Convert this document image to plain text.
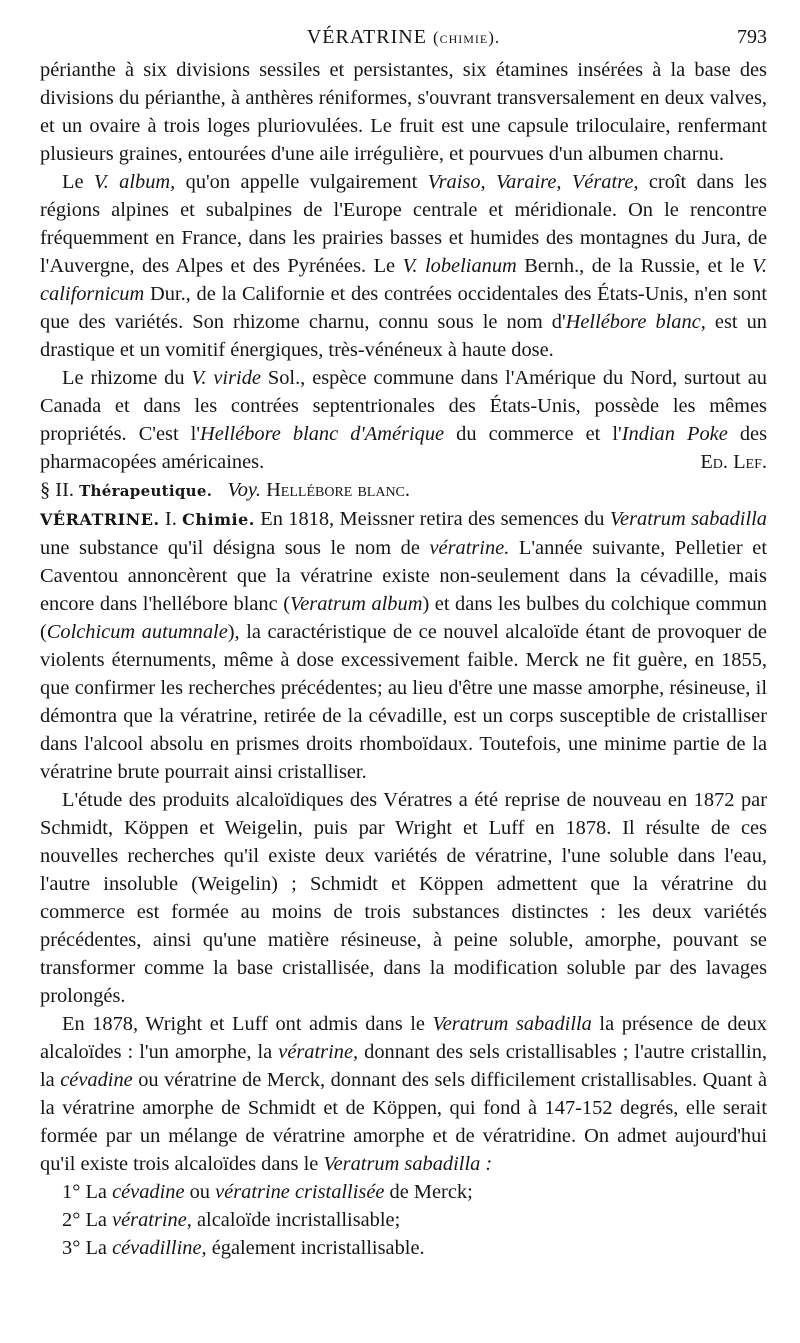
VÉRATRINE (chimie).	793

périanthe à six divisions sessiles et persistantes, six étamines insérées à la base des divisions du périanthe, à anthères réniformes, s'ouvrant transversalement en deux valves, et un ovaire à trois loges pluriovulées. Le fruit est une capsule triloculaire, renfermant plusieurs graines, entourées d'une aile irrégulière, et pourvues d'un albumen charnu.

Le V. album, qu'on appelle vulgairement Vraiso, Varaire, Vératre, croît dans les régions alpines et subalpines de l'Europe centrale et méridionale. On le rencontre fréquemment en France, dans les prairies basses et humides des montagnes du Jura, de l'Auvergne, des Alpes et des Pyrénées. Le V. lobelianum Bernh., de la Russie, et le V. californicum Dur., de la Californie et des contrées occidentales des États-Unis, n'en sont que des variétés. Son rhizome charnu, connu sous le nom d'Hellébore blanc, est un drastique et un vomitif énergiques, très-vénéneux à haute dose.

Le rhizome du V. viride Sol., espèce commune dans l'Amérique du Nord, surtout au Canada et dans les contrées septentrionales des États-Unis, possède les mêmes propriétés. C'est l'Hellébore blanc d'Amérique du commerce et l'Indian Poke des pharmacopées américaines.	Ed. Lef.

§ II. Thérapeutique. Voy. Hellébore blanc.

VÉRATRINE. I. Chimie. En 1818, Meissner retira des semences du Veratrum sabadilla une substance qu'il désigna sous le nom de vératrine. L'année suivante, Pelletier et Caventou annoncèrent que la vératrine existe non-seulement dans la cévadille, mais encore dans l'hellébore blanc (Veratrum album) et dans les bulbes du colchique commun (Colchicum autumnale), la caractéristique de ce nouvel alcaloïde étant de provoquer de violents éternuments, même à dose excessivement faible. Merck ne fit guère, en 1855, que confirmer les recherches précédentes; au lieu d'être une masse amorphe, résineuse, il démontra que la vératrine, retirée de la cévadille, est un corps susceptible de cristalliser dans l'alcool absolu en prismes droits rhomboïdaux. Toutefois, une minime partie de la vératrine brute pourrait ainsi cristalliser.

L'étude des produits alcaloïdiques des Vératres a été reprise de nouveau en 1872 par Schmidt, Köppen et Weigelin, puis par Wright et Luff en 1878. Il résulte de ces nouvelles recherches qu'il existe deux variétés de vératrine, l'une soluble dans l'eau, l'autre insoluble (Weigelin) ; Schmidt et Köppen admettent que la vératrine du commerce est formée au moins de trois substances distinctes : les deux variétés précédentes, ainsi qu'une matière résineuse, à peine soluble, amorphe, pouvant se transformer comme la base cristallisée, dans la modification soluble par des lavages prolongés.

En 1878, Wright et Luff ont admis dans le Veratrum sabadilla la présence de deux alcaloïdes : l'un amorphe, la vératrine, donnant des sels cristallisables ; l'autre cristallin, la cévadine ou vératrine de Merck, donnant des sels difficilement cristallisables. Quant à la vératrine amorphe de Schmidt et de Köppen, qui fond à 147-152 degrés, elle serait formée par un mélange de vératrine amorphe et de vératridine. On admet aujourd'hui qu'il existe trois alcaloïdes dans le Veratrum sabadilla :

1° La cévadine ou vératrine cristallisée de Merck;

2° La vératrine, alcaloïde incristallisable;

3° La cévadilline, également incristallisable.
